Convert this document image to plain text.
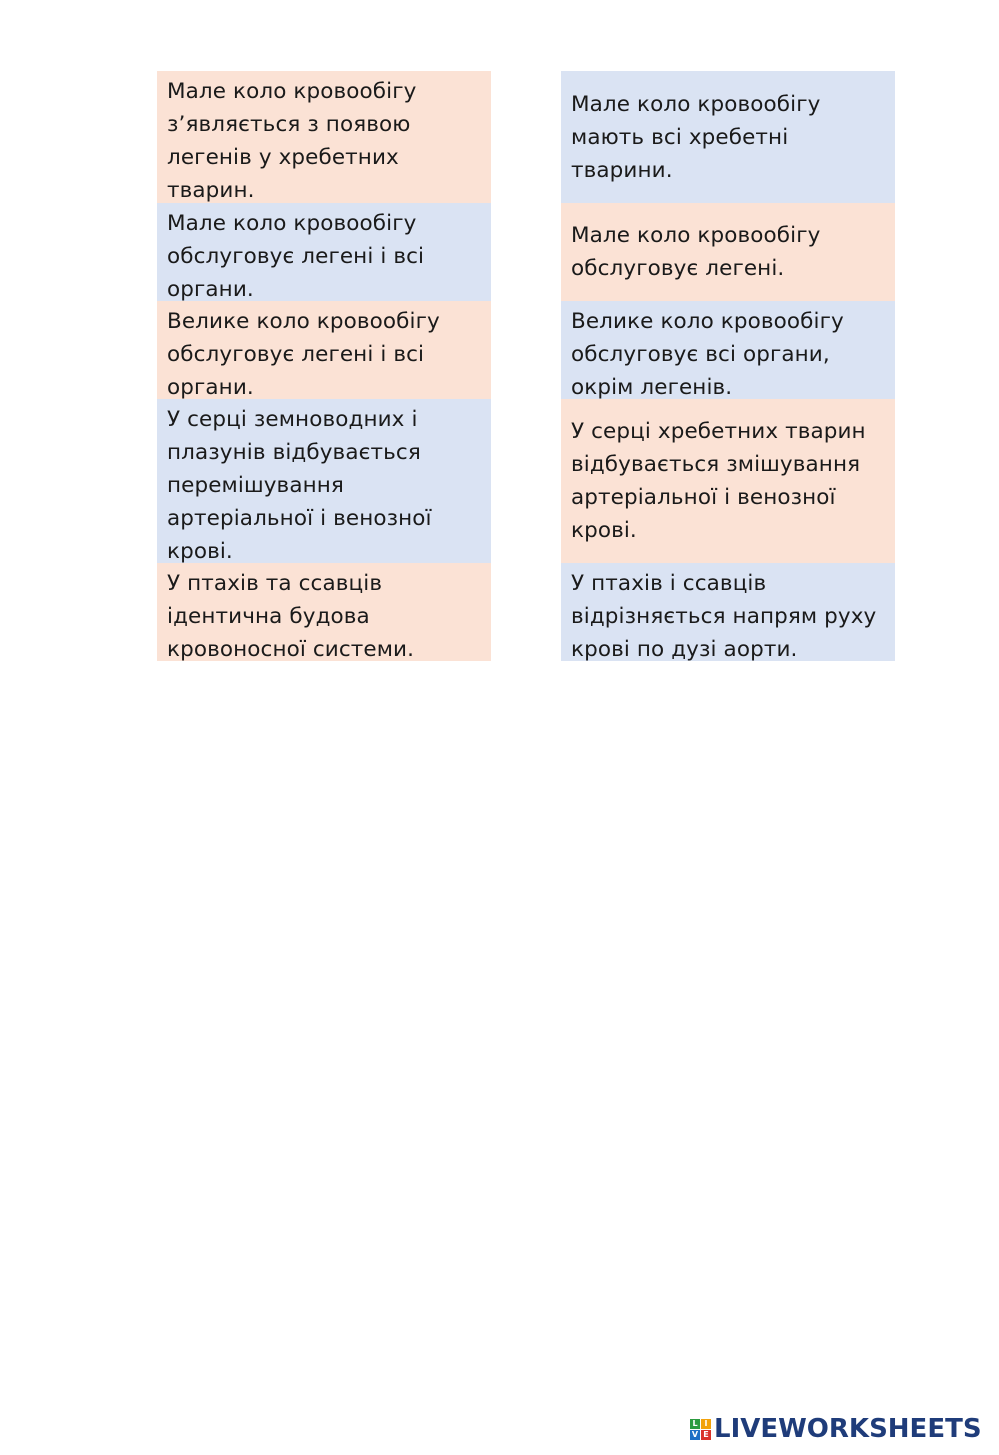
Мале коло кровообігу з’являється з появою легенів у хребетних тварин.
Мале коло кровообігу обслуговує легені і всі органи.
Велике коло кровообігу обслуговує легені і всі органи.
У серці земноводних і плазунів відбувається перемішування артеріальної і венозної крові.
У птахів та ссавців ідентична будова кровоносної системи.
Мале коло кровообігу мають всі хребетні тварини.
Мале коло кровообігу обслуговує легені.
Велике коло кровообігу обслуговує всі органи, окрім легенів.
У серці хребетних тварин відбувається змішування артеріальної і венозної крові.
У птахів і ссавців відрізняється напрям руху крові по дузі аорти.
L I
V E LIVEWORKSHEETS
